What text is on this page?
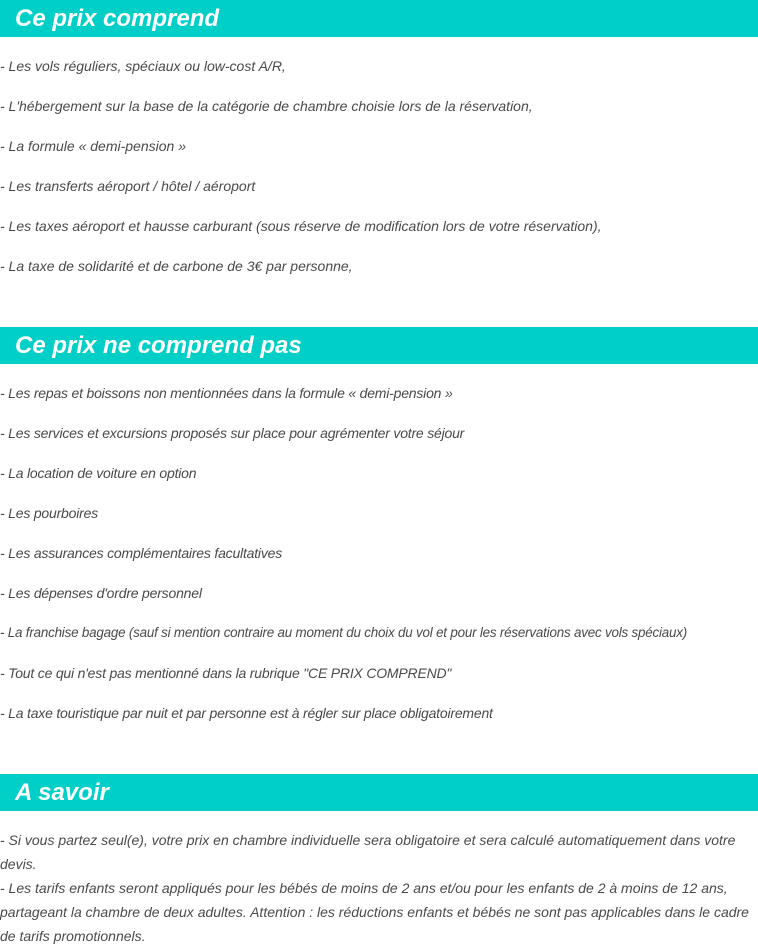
Ce prix comprend
- Les vols réguliers, spéciaux ou low-cost A/R,
- L'hébergement sur la base de la catégorie de chambre choisie lors de la réservation,
- La formule « demi-pension »
- Les transferts aéroport / hôtel / aéroport
- Les taxes aéroport et hausse carburant (sous réserve de modification lors de votre réservation),
- La taxe de solidarité et de carbone de 3€ par personne,
Ce prix ne comprend pas
- Les repas et boissons non mentionnées dans la formule « demi-pension »
- Les services et excursions proposés sur place pour agrémenter votre séjour
- La location de voiture en option
- Les pourboires
- Les assurances complémentaires facultatives
- Les dépenses d'ordre personnel
- La franchise bagage (sauf si mention contraire au moment du choix du vol et pour les réservations avec vols spéciaux)
- Tout ce qui n'est pas mentionné dans la rubrique "CE PRIX COMPREND"
- La taxe touristique par nuit et par personne est à régler sur place obligatoirement
A savoir

- Si vous partez seul(e), votre prix en chambre individuelle sera obligatoire et sera calculé automatiquement dans votre devis.

- Les tarifs enfants seront appliqués pour les bébés de moins de 2 ans et/ou pour les enfants de 2 à moins de 12 ans, partageant la chambre de deux adultes. Attention : les réductions enfants et bébés ne sont pas applicables dans le cadre de tarifs promotionnels.
